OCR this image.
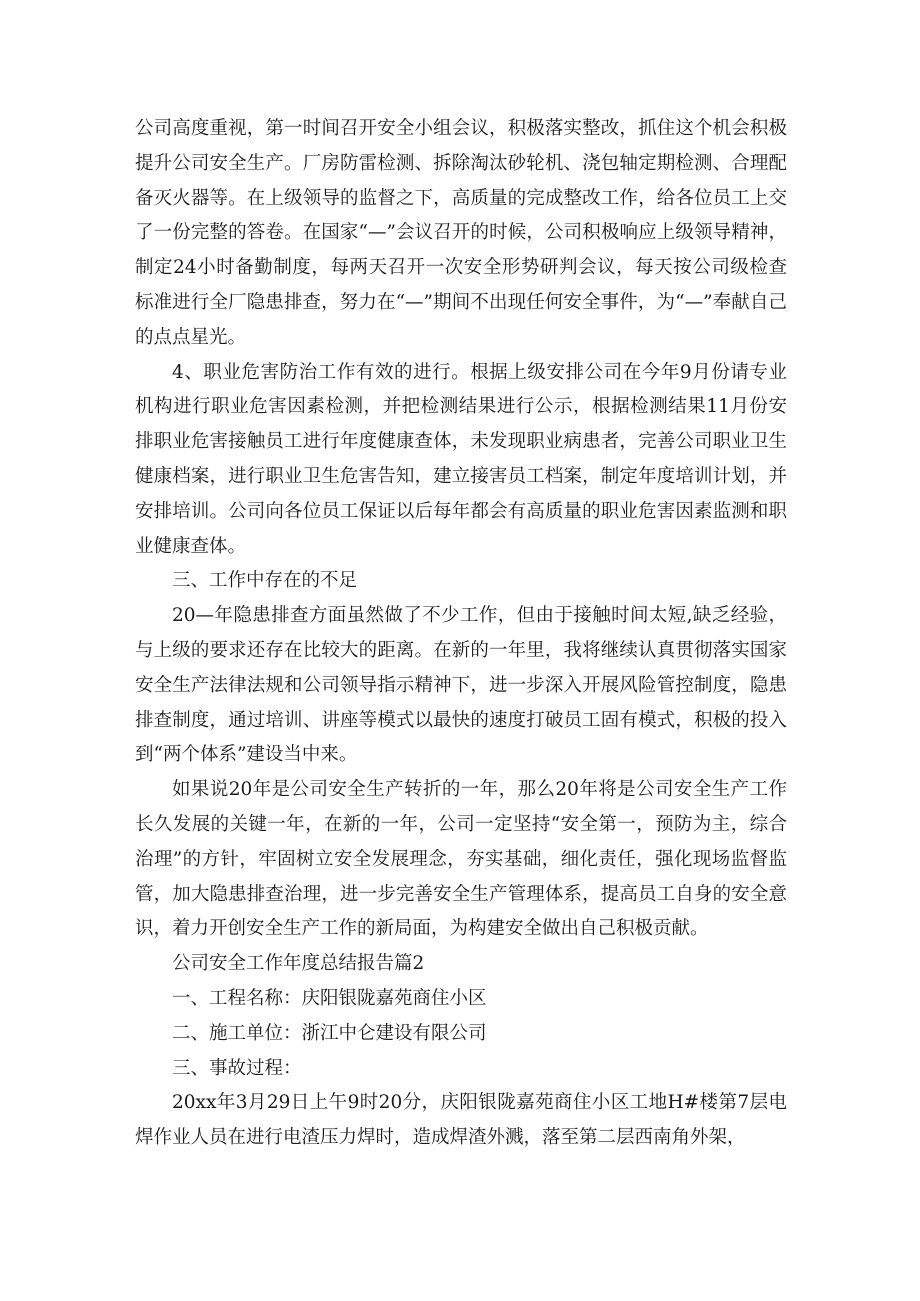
公司高度重视，第一时间召开安全小组会议，积极落实整改，抓住这个机会积极提升公司安全生产。厂房防雷检测、拆除淘汰砂轮机、浇包轴定期检测、合理配备灭火器等。在上级领导的监督之下，高质量的完成整改工作，给各位员工上交了一份完整的答卷。在国家“—”会议召开的时候，公司积极响应上级领导精神，制定24小时备勤制度，每两天召开一次安全形势研判会议，每天按公司级检查标准进行全厂隐患排查，努力在“—”期间不出现任何安全事件，为“—”奉献自己的点点星光。

4、职业危害防治工作有效的进行。根据上级安排公司在今年9月份请专业机构进行职业危害因素检测，并把检测结果进行公示，根据检测结果11月份安排职业危害接触员工进行年度健康查体，未发现职业病患者，完善公司职业卫生健康档案，进行职业卫生危害告知，建立接害员工档案，制定年度培训计划，并安排培训。公司向各位员工保证以后每年都会有高质量的职业危害因素监测和职业健康查体。

三、工作中存在的不足

20—年隐患排查方面虽然做了不少工作，但由于接触时间太短,缺乏经验，与上级的要求还存在比较大的距离。在新的一年里，我将继续认真贯彻落实国家安全生产法律法规和公司领导指示精神下，进一步深入开展风险管控制度，隐患排查制度，通过培训、讲座等模式以最快的速度打破员工固有模式，积极的投入到“两个体系”建设当中来。

如果说20年是公司安全生产转折的一年，那么20年将是公司安全生产工作长久发展的关键一年，在新的一年，公司一定坚持“安全第一，预防为主，综合治理”的方针，牢固树立安全发展理念，夯实基础，细化责任，强化现场监督监管，加大隐患排查治理，进一步完善安全生产管理体系，提高员工自身的安全意识，着力开创安全生产工作的新局面，为构建安全做出自己积极贡献。

公司安全工作年度总结报告篇2

一、工程名称：庆阳银陇嘉苑商住小区

二、施工单位：浙江中仑建设有限公司

三、事故过程：

20xx年3月29日上午9时20分，庆阳银陇嘉苑商住小区工地H#楼第7层电焊作业人员在进行电渣压力焊时，造成焊渣外溅，落至第二层西南角外架，
